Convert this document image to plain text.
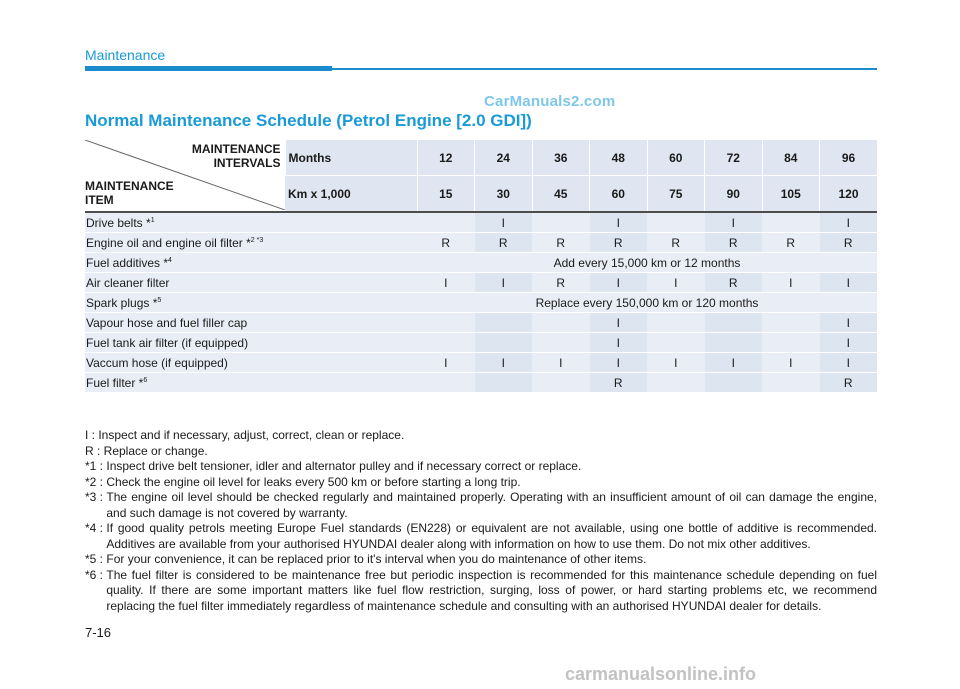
Maintenance
CarManuals2.com
Normal Maintenance Schedule (Petrol Engine [2.0 GDI])
MAINTENANCE
INTERVALS
MAINTENANCE
ITEM	Months	12	24	36	48	60	72	84	96
	Km x 1,000	15	30	45	60	75	90	105	120
Drive belts *$^1$			I		I		I		I
Engine oil and engine oil filter *$^{2 *3}$		R	R	R	R	R	R	R	R
Fuel additives *$^4$		Add every 15,000 km or 12 months							
Air cleaner filter		I	I	R	I	I	R	I	I
Spark plugs *$^5$		Replace every 150,000 km or 120 months							
Vapour hose and fuel filler cap					I				I
Fuel tank air filter (if equipped)					I				I
Vaccum hose (if equipped)		I	I	I	I	I	I	I	I
Fuel filter *$^6$					R				R
I : Inspect and if necessary, adjust, correct, clean or replace.
R : Replace or change.
*1 : Inspect drive belt tensioner, idler and alternator pulley and if necessary correct or replace.
*2 : Check the engine oil level for leaks every 500 km or before starting a long trip.
*3 : The engine oil level should be checked regularly and maintained properly. Operating with an insufficient amount of oil can damage the engine, and such damage is not covered by warranty.
*4 : If good quality petrols meeting Europe Fuel standards (EN228) or equivalent are not available, using one bottle of additive is recommended. Additives are available from your authorised HYUNDAI dealer along with information on how to use them. Do not mix other additives.
*5 : For your convenience, it can be replaced prior to it's interval when you do maintenance of other items.
*6 : The fuel filter is considered to be maintenance free but periodic inspection is recommended for this maintenance schedule depending on fuel quality. If there are some important matters like fuel flow restriction, surging, loss of power, or hard starting problems etc, we recommend replacing the fuel filter immediately regardless of maintenance schedule and consulting with an authorised HYUNDAI dealer for details.
7-16
carmanualsonline.info
